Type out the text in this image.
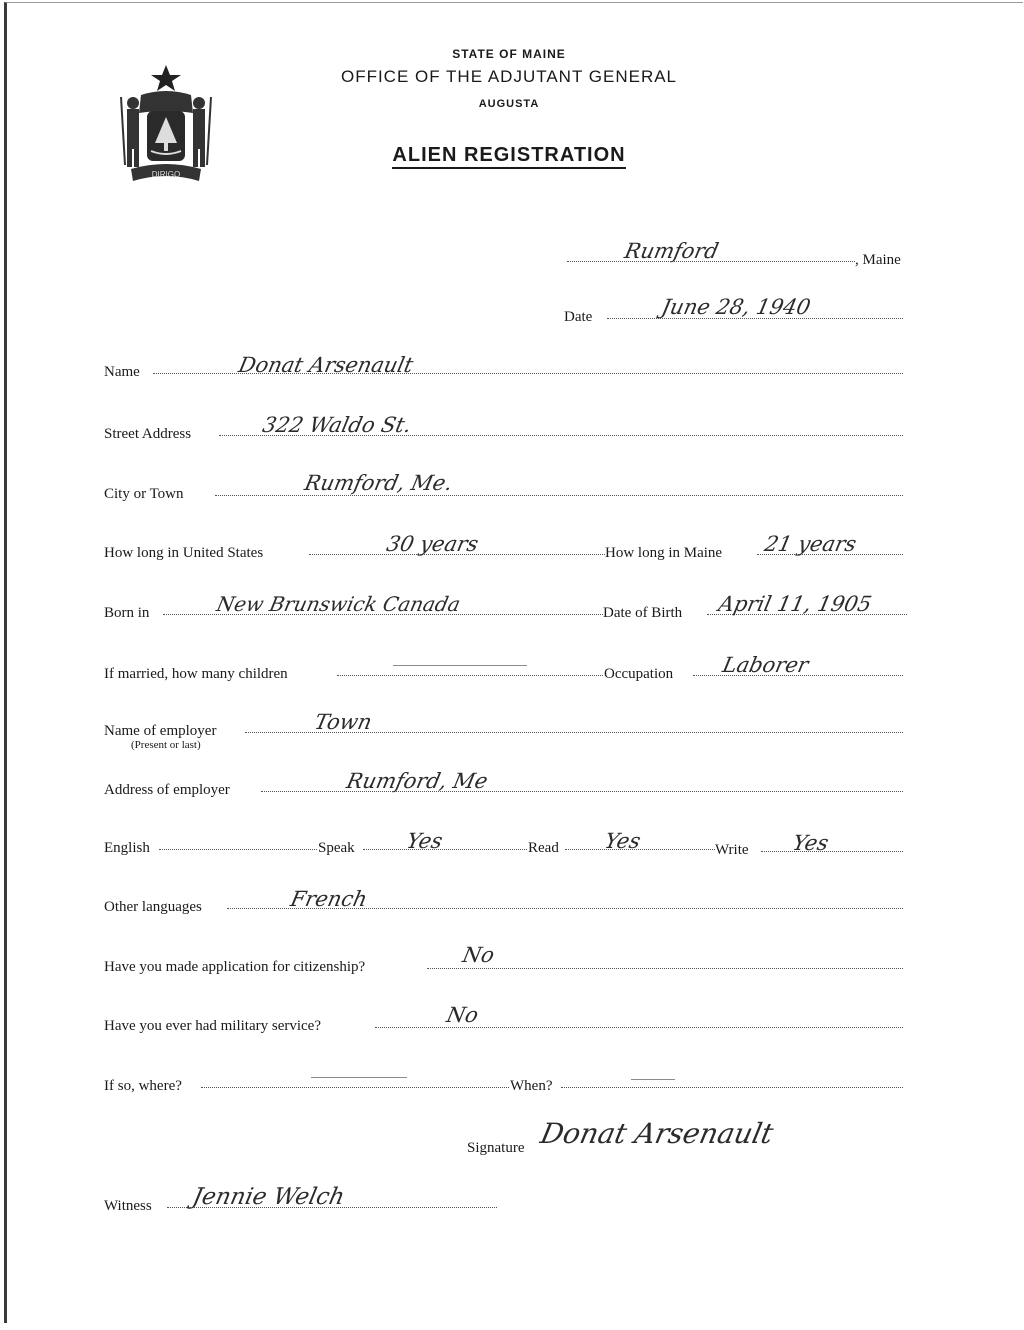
DIRIGO
STATE OF MAINE
OFFICE OF THE ADJUTANT GENERAL
AUGUSTA
ALIEN REGISTRATION
Rumford	, Maine
Date	June 28, 1940
Name	Donat Arsenault
Street Address	322 Waldo St.
City or Town	Rumford, Me.
How long in United States	30 years	How long in Maine 21 years
Born in	New Brunswick Canada	Date of Birth April 11, 1905
If married, how many children	Occupation Laborer
Name of employer
(Present or last)
Town
Address of employer	Rumford, Me
English	Speak Yes	Read Yes	Write Yes
Other languages	French
Have you made application for citizenship?	No
Have you ever had military service?	No
If so, where?	When?
Signature Donat Arsenault
Witness Jennie Welch
